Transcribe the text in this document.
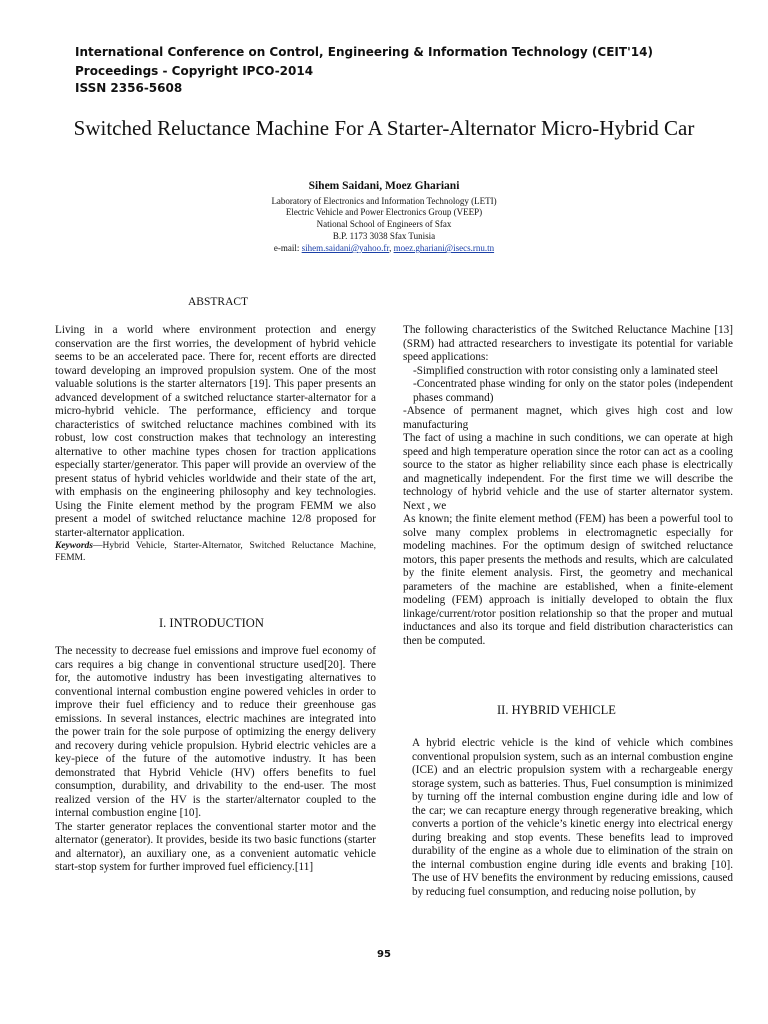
International Conference on Control, Engineering & Information Technology (CEIT'14)
Proceedings - Copyright IPCO-2014
ISSN 2356-5608
Switched Reluctance Machine For A Starter-Alternator Micro-Hybrid Car
Sihem Saidani, Moez Ghariani
Laboratory of Electronics and Information Technology (LETI)
Electric Vehicle and Power Electronics Group (VEEP)
National School of Engineers of Sfax
B.P. 1173 3038 Sfax Tunisia
e-mail: sihem.saidani@yahoo.fr, moez.ghariani@isecs.rnu.tn
ABSTRACT

Living in a world where environment protection and energy conservation are the first worries, the development of hybrid vehicle seems to be an accelerated pace. There for, recent efforts are directed toward developing an improved propulsion system. One of the most valuable solutions is the starter alternators [19]. This paper presents an advanced development of a switched reluctance starter-alternator for a micro-hybrid vehicle. The performance, efficiency and torque characteristics of switched reluctance machines combined with its robust, low cost construction makes that technology an interesting alternative to other machine types chosen for traction applications especially starter/generator. This paper will provide an overview of the present status of hybrid vehicles worldwide and their state of the art, with emphasis on the engineering philosophy and key technologies. Using the Finite element method by the program FEMM we also present a model of switched reluctance machine 12/8 proposed for starter-alternator application.

Keywords—Hybrid Vehicle, Starter-Alternator, Switched Reluctance Machine, FEMM.

I. INTRODUCTION

The necessity to decrease fuel emissions and improve fuel economy of cars requires a big change in conventional structure used[20]. There for, the automotive industry has been investigating alternatives to conventional internal combustion engine powered vehicles in order to improve their fuel efficiency and to reduce their greenhouse gas emissions. In several instances, electric machines are integrated into the power train for the sole purpose of optimizing the energy delivery and recovery during vehicle propulsion. Hybrid electric vehicles are a key-piece of the future of the automotive industry. It has been demonstrated that Hybrid Vehicle (HV) offers benefits to fuel consumption, durability, and drivability to the end-user. The most realized version of the HV is the starter/alternator coupled to the internal combustion engine [10].

The starter generator replaces the conventional starter motor and the alternator (generator). It provides, beside its two basic functions (starter and alternator), an auxiliary one, as a convenient automatic vehicle start-stop system for further improved fuel efficiency.[11]

The following characteristics of the Switched Reluctance Machine [13] (SRM) had attracted researchers to investigate its potential for variable speed applications:

-Simplified construction with rotor consisting only a laminated steel

-Concentrated phase winding for only on the stator poles (independent phases command)

-Absence of permanent magnet, which gives high cost and low manufacturing

The fact of using a machine in such conditions, we can operate at high speed and high temperature operation since the rotor can act as a cooling source to the stator as higher reliability since each phase is electrically and magnetically independent. For the first time we will describe the technology of hybrid vehicle and the use of starter alternator system. Next , we

As known; the finite element method (FEM) has been a powerful tool to solve many complex problems in electromagnetic especially for modeling machines. For the optimum design of switched reluctance motors, this paper presents the methods and results, which are calculated by the finite element analysis. First, the geometry and mechanical parameters of the machine are established, when a finite-element modeling (FEM) approach is initially developed to obtain the flux linkage/current/rotor position relationship so that the proper and mutual inductances and also its torque and field distribution characteristics can then be computed.

II. HYBRID VEHICLE

A hybrid electric vehicle is the kind of vehicle which combines conventional propulsion system, such as an internal combustion engine (ICE) and an electric propulsion system with a rechargeable energy storage system, such as batteries. Thus, Fuel consumption is minimized by turning off the internal combustion engine during idle and low of the car; we can recapture energy through regenerative breaking, which converts a portion of the vehicle’s kinetic energy into electrical energy during breaking and stop events. These benefits lead to improved durability of the engine as a whole due to elimination of the strain on the internal combustion engine during idle events and braking [10]. The use of HV benefits the environment by reducing emissions, caused by reducing fuel consumption, and reducing noise pollution, by

95
